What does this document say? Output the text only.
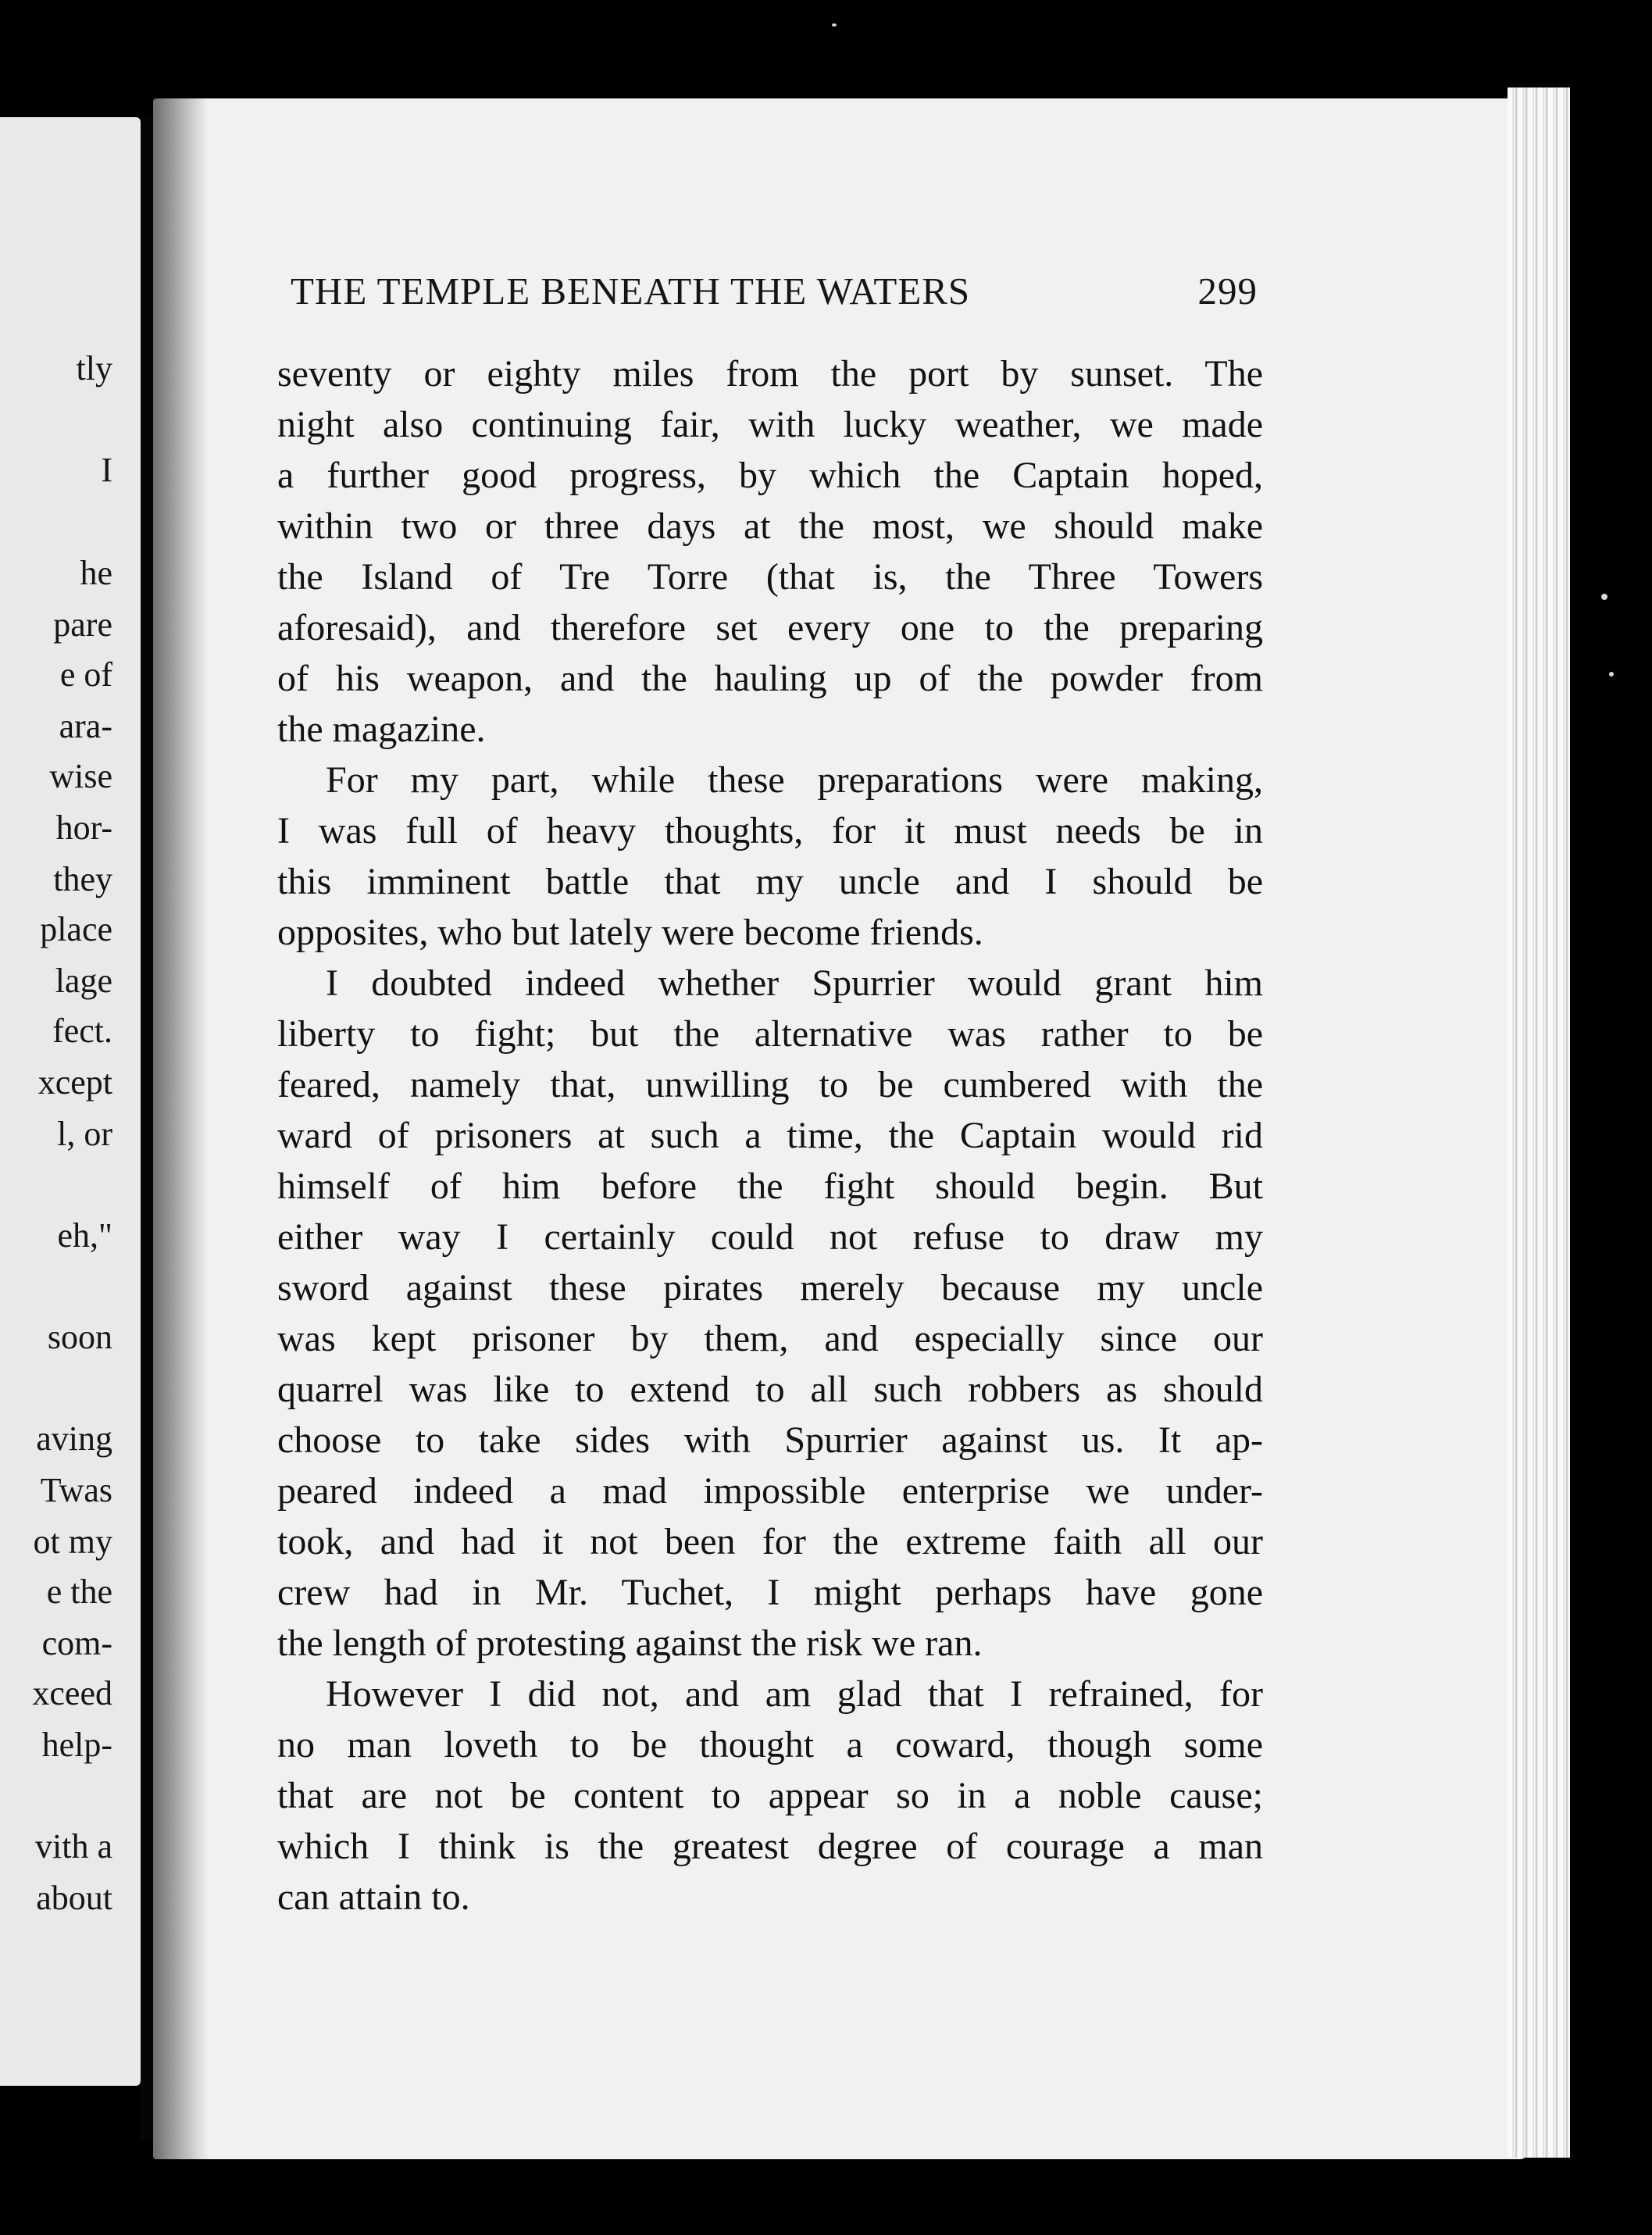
tly
I
he
pare
e of
ara-
wise
hor-
they
place
lage
fect.
xcept
l, or
eh,"
soon
aving
Twas
ot my
e the
com-
xceed
help-
vith a
about
THE TEMPLE BENEATH THE WATERS	299
seventy or eighty miles from the port by sunset. The
night also continuing fair, with lucky weather, we made
a further good progress, by which the Captain hoped,
within two or three days at the most, we should make
the Island of Tre Torre (that is, the Three Towers
aforesaid), and therefore set every one to the preparing
of his weapon, and the hauling up of the powder from
the magazine.
For my part, while these preparations were making,
I was full of heavy thoughts, for it must needs be in
this imminent battle that my uncle and I should be
opposites, who but lately were become friends.
I doubted indeed whether Spurrier would grant him
liberty to fight; but the alternative was rather to be
feared, namely that, unwilling to be cumbered with the
ward of prisoners at such a time, the Captain would rid
himself of him before the fight should begin. But
either way I certainly could not refuse to draw my
sword against these pirates merely because my uncle
was kept prisoner by them, and especially since our
quarrel was like to extend to all such robbers as should
choose to take sides with Spurrier against us. It ap-
peared indeed a mad impossible enterprise we under-
took, and had it not been for the extreme faith all our
crew had in Mr. Tuchet, I might perhaps have gone
the length of protesting against the risk we ran.
However I did not, and am glad that I refrained, for
no man loveth to be thought a coward, though some
that are not be content to appear so in a noble cause;
which I think is the greatest degree of courage a man
can attain to.
